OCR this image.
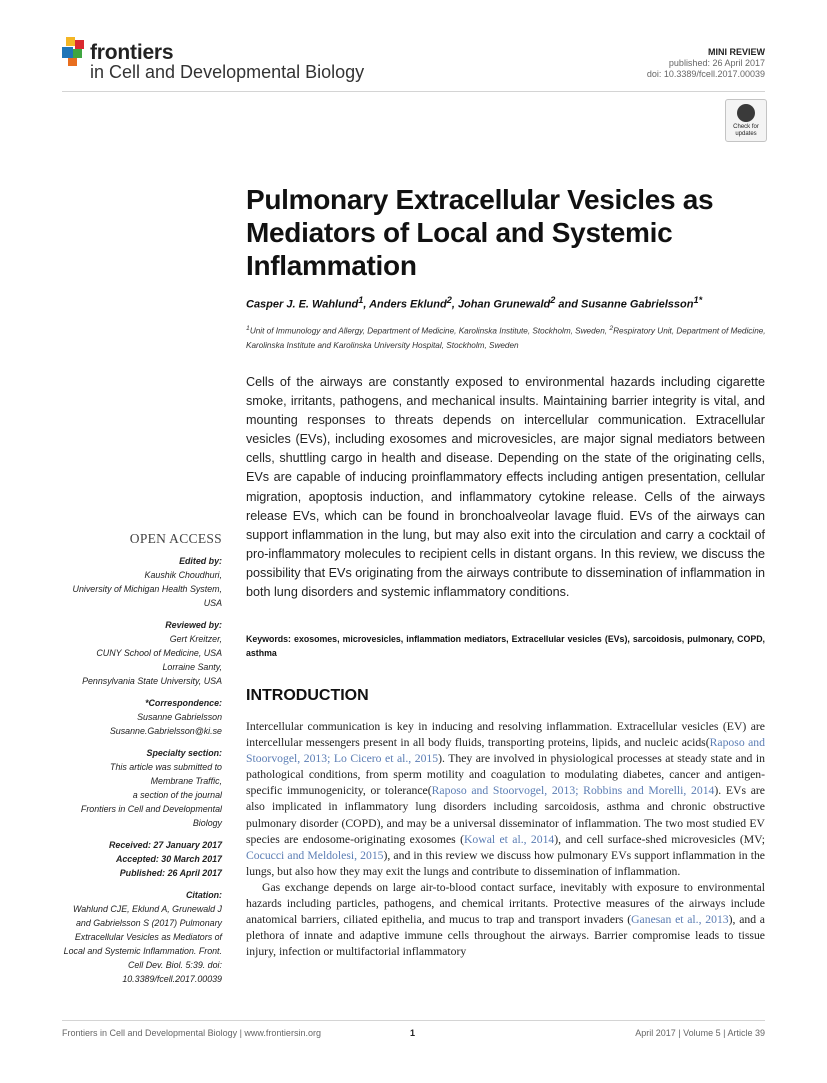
frontiers
in Cell and Developmental Biology
MINI REVIEW
published: 26 April 2017
doi: 10.3389/fcell.2017.00039
Check for
updates
Pulmonary Extracellular Vesicles as Mediators of Local and Systemic Inflammation
Casper J. E. Wahlund$^1$, Anders Eklund$^2$, Johan Grunewald$^2$ and Susanne Gabrielsson$^{1*}$
$^1$Unit of Immunology and Allergy, Department of Medicine, Karolinska Institute, Stockholm, Sweden, $^2$Respiratory Unit, Department of Medicine, Karolinska Institute and Karolinska University Hospital, Stockholm, Sweden
Cells of the airways are constantly exposed to environmental hazards including cigarette smoke, irritants, pathogens, and mechanical insults. Maintaining barrier integrity is vital, and mounting responses to threats depends on intercellular communication. Extracellular vesicles (EVs), including exosomes and microvesicles, are major signal mediators between cells, shuttling cargo in health and disease. Depending on the state of the originating cells, EVs are capable of inducing proinflammatory effects including antigen presentation, cellular migration, apoptosis induction, and inflammatory cytokine release. Cells of the airways release EVs, which can be found in bronchoalveolar lavage fluid. EVs of the airways can support inflammation in the lung, but may also exit into the circulation and carry a cocktail of pro-inflammatory molecules to recipient cells in distant organs. In this review, we discuss the possibility that EVs originating from the airways contribute to dissemination of inflammation in both lung disorders and systemic inflammatory conditions.
Keywords: exosomes, microvesicles, inflammation mediators, Extracellular vesicles (EVs), sarcoidosis, pulmonary, COPD, asthma
OPEN ACCESS
Edited by:
Kaushik Choudhuri,
University of Michigan Health System, USA
Reviewed by:
Gert Kreitzer,
CUNY School of Medicine, USA
Lorraine Santy,
Pennsylvania State University, USA
*Correspondence:
Susanne Gabrielsson
Susanne.Gabrielsson@ki.se
Specialty section:
This article was submitted to
Membrane Traffic,
a section of the journal
Frontiers in Cell and Developmental Biology
Received: 27 January 2017
Accepted: 30 March 2017
Published: 26 April 2017
Citation:
Wahlund CJE, Eklund A, Grunewald J and Gabrielsson S (2017) Pulmonary Extracellular Vesicles as Mediators of Local and Systemic Inflammation. Front. Cell Dev. Biol. 5:39. doi: 10.3389/fcell.2017.00039
INTRODUCTION

Intercellular communication is key in inducing and resolving inflammation. Extracellular vesicles (EV) are intercellular messengers present in all body fluids, transporting proteins, lipids, and nucleic acids(Raposo and Stoorvogel, 2013; Lo Cicero et al., 2015). They are involved in physiological processes at steady state and in pathological conditions, from sperm motility and coagulation to modulating diabetes, cancer and antigen-specific immunogenicity, or tolerance(Raposo and Stoorvogel, 2013; Robbins and Morelli, 2014). EVs are also implicated in inflammatory lung disorders including sarcoidosis, asthma and chronic obstructive pulmonary disorder (COPD), and may be a universal disseminator of inflammation. The two most studied EV species are endosome-originating exosomes (Kowal et al., 2014), and cell surface-shed microvesicles (MV; Cocucci and Meldolesi, 2015), and in this review we discuss how pulmonary EVs support inflammation in the lungs, but also how they may exit the lungs and contribute to dissemination of inflammation.

Gas exchange depends on large air-to-blood contact surface, inevitably with exposure to environmental hazards including particles, pathogens, and chemical irritants. Protective measures of the airways include anatomical barriers, ciliated epithelia, and mucus to trap and transport invaders (Ganesan et al., 2013), and a plethora of innate and adaptive immune cells throughout the airways. Barrier compromise leads to tissue injury, infection or multifactorial inflammatory

Frontiers in Cell and Developmental Biology | www.frontiersin.org	1	April 2017 | Volume 5 | Article 39
